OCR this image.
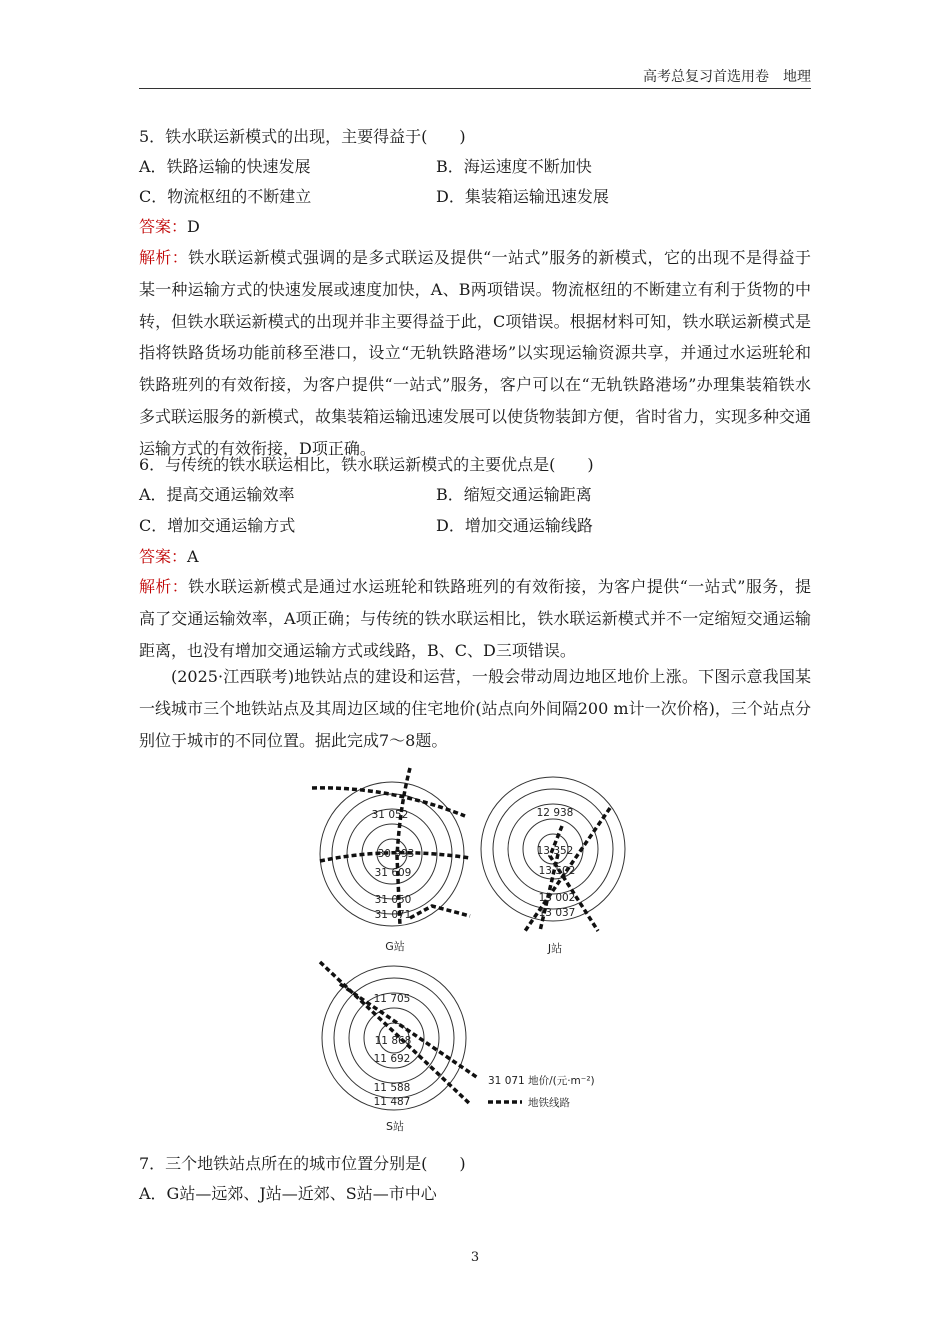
高考总复习首选用卷　地理
5．铁水联运新模式的出现，主要得益于(　　)
A．铁路运输的快速发展	B．海运速度不断加快
C．物流枢纽的不断建立	D．集装箱运输迅速发展
答案：D
解析：铁水联运新模式强调的是多式联运及提供“一站式”服务的新模式，它的出现不是得益于某一种运输方式的快速发展或速度加快，A、B两项错误。物流枢纽的不断建立有利于货物的中转，但铁水联运新模式的出现并非主要得益于此，C项错误。根据材料可知，铁水联运新模式是指将铁路货场功能前移至港口，设立“无轨铁路港场”以实现运输资源共享，并通过水运班轮和铁路班列的有效衔接，为客户提供“一站式”服务，客户可以在“无轨铁路港场”办理集装箱铁水多式联运服务的新模式，故集装箱运输迅速发展可以使货物装卸方便，省时省力，实现多种交通运输方式的有效衔接，D项正确。
6．与传统的铁水联运相比，铁水联运新模式的主要优点是(　　)
A．提高交通运输效率	B．缩短交通运输距离
C．增加交通运输方式	D．增加交通运输线路
答案：A
解析：铁水联运新模式是通过水运班轮和铁路班列的有效衔接，为客户提供“一站式”服务，提高了交通运输效率，A项正确；与传统的铁水联运相比，铁水联运新模式并不一定缩短交通运输距离，也没有增加交通运输方式或线路，B、C、D三项错误。
(2025·江西联考)地铁站点的建设和运营，一般会带动周边地区地价上涨。下图示意我国某一线城市三个地铁站点及其周边区域的住宅地价(站点向外间隔200 m计一次价格)，三个站点分别位于城市的不同位置。据此完成7～8题。
31 052
30 993
31 609
31 050
31 071
G站
12 938
13 352
13 502
13 002
13 037
J站
11 705
11 868
11 692
11 588
11 487
S站
31 071 地价/(元·m⁻²)
地铁线路
7．三个地铁站点所在的城市位置分别是(　　)
A．G站—远郊、J站—近郊、S站—市中心
3
